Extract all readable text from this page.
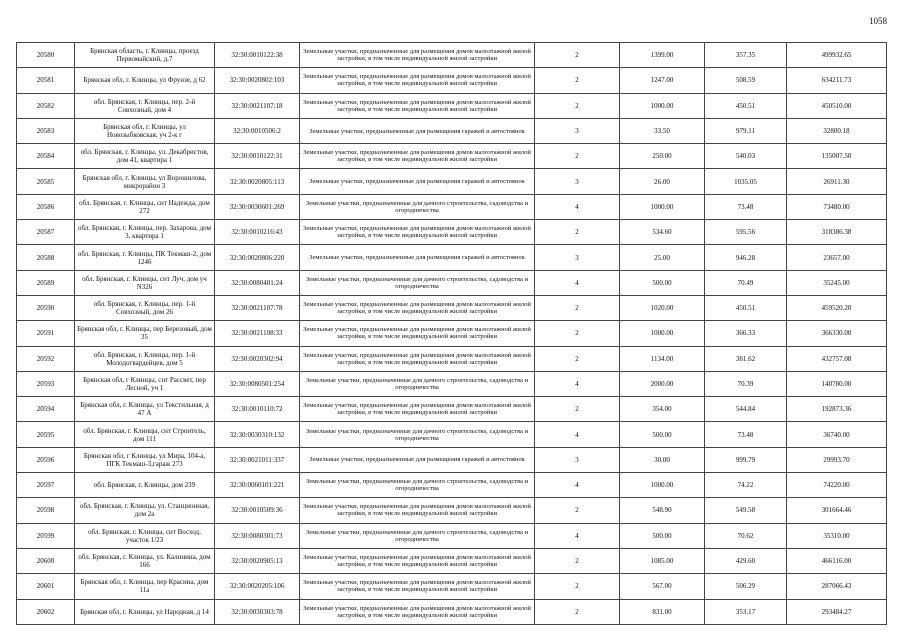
1058
20580	Брянская область, г. Клинцы, проезд Первомайский, д.7	32:30:0010122:38	Земельные участки, предназначенные для размещения домов малоэтажной жилой застройки, в том числе индивидуальной жилой застройки	2	1399.00	357.35	499932.65
20581	Брянская обл, г. Клинцы, ул Фрунзе, д 62	32:30:0020802:103	Земельные участки, предназначенные для размещения домов малоэтажной жилой застройки, в том числе индивидуальной жилой застройки	2	1247.00	508.59	634211.73
20582	обл. Брянская, г. Клинцы, пер. 2-й Совхозный, дом 4	32:30:0021107:18	Земельные участки, предназначенные для размещения домов малоэтажной жилой застройки, в том числе индивидуальной жилой застройки	2	1000.00	450.51	450510.00
20583	Брянская обл, г. Клинцы, ул Новозыбковская, уч 2-к г	32:30:0010506:2	Земельные участки, предназначенные для размещения гаражей и автостоянок	3	33.50	979.11	32800.18
20584	обл. Брянская, г. Клинцы, ул. Декабристов, дом 41, квартира 1	32:30:0010122:31	Земельные участки, предназначенные для размещения домов малоэтажной жилой застройки, в том числе индивидуальной жилой застройки	2	250.00	540.03	135007.50
20585	Брянская обл, г. Клинцы, ул Ворошилова, микрорайон 3	32:30:0020805:113	Земельные участки, предназначенные для размещения гаражей и автостоянок	3	26.00	1035.05	26911.30
20586	обл. Брянская, г. Клинцы, снт Надежда, дом 272	32:30:0030601:269	Земельные участки, предназначенные для дачного строительства, садоводства и огородничества	4	1000.00	73.48	73480.00
20587	обл. Брянская, г. Клинцы, пер. Захарова, дом 3, квартира 1	32:30:0010216:43	Земельные участки, предназначенные для размещения домов малоэтажной жилой застройки, в том числе индивидуальной жилой застройки	2	534.60	595.56	318386.38
20588	обл. Брянская, г. Клинцы, ПК Текмаш-2, дом 1246	32:30:0020806:220	Земельные участки, предназначенные для размещения гаражей и автостоянок	3	25.00	946.28	23657.00
20589	обл. Брянская, г. Клинцы, снт Луч, дом уч N326	32:30:0080401:24	Земельные участки, предназначенные для дачного строительства, садоводства и огородничества	4	500.00	70.49	35245.00
20590	обл. Брянская, г. Клинцы, пер. 1-й Совхозный, дом 26	32:30:0021107:78	Земельные участки, предназначенные для размещения домов малоэтажной жилой застройки, в том числе индивидуальной жилой застройки	2	1020.00	450.51	459520.20
20591	Брянская обл, г. Клинцы, пер Березовый, дом 35	32:30:0021108:33	Земельные участки, предназначенные для размещения домов малоэтажной жилой застройки, в том числе индивидуальной жилой застройки	2	1000.00	366.33	366330.00
20592	обл. Брянская, г. Клинцы, пер. 1-й Молодогвардейцев, дом 5	32:30:0020302:94	Земельные участки, предназначенные для размещения домов малоэтажной жилой застройки, в том числе индивидуальной жилой застройки	2	1134.00	381.62	432757.08
20593	Брянская обл, г Клинцы, снт Рассвет, пер Лесной, уч 1	32:30:0080501:254	Земельные участки, предназначенные для дачного строительства, садоводства и огородничества	4	2000.00	70.39	140780.00
20594	Брянская обл, г. Клинцы, ул Текстильная, д 47 А	32:30:0010110:72	Земельные участки, предназначенные для размещения домов малоэтажной жилой застройки, в том числе индивидуальной жилой застройки	2	354.00	544.84	192873.36
20595	обл. Брянская, г. Клинцы, снт Строитель, дом 111	32:30:0030310:132	Земельные участки, предназначенные для дачного строительства, садоводства и огородничества	4	500.00	73.48	36740.00
20596	Брянская обл, г Клинцы, ул Мира, 104-а, ПГК Текмаш-3,гараж 273	32:30:0021011:337	Земельные участки, предназначенные для размещения гаражей и автостоянок	3	30.00	999.79	29993.70
20597	обл. Брянская, г. Клинцы, дом 239	32:30:0060101:221	Земельные участки, предназначенные для дачного строительства, садоводства и огородничества	4	1000.00	74.22	74220.00
20598	обл. Брянская, г. Клинцы, ул. Станционная, дом 2а	32:30:0010509:36	Земельные участки, предназначенные для размещения домов малоэтажной жилой застройки, в том числе индивидуальной жилой застройки	2	548.90	549.58	301664.46
20599	обл. Брянская, г. Клинцы, снт Восход, участок 1/23	32:30:0080301:73	Земельные участки, предназначенные для дачного строительства, садоводства и огородничества	4	500.00	70.62	35310.00
20600	обл. Брянская, г. Клинцы, ул. Калинина, дом 166	32:30:0020905:13	Земельные участки, предназначенные для размещения домов малоэтажной жилой застройки, в том числе индивидуальной жилой застройки	2	1085.00	429.60	466116.00
20601	Брянская обл, г. Клинцы, пер Красина, дом 11а	32:30:0020205:106	Земельные участки, предназначенные для размещения домов малоэтажной жилой застройки, в том числе индивидуальной жилой застройки	2	567.00	506.29	287066.43
20602	Брянская обл, г. Клинцы, ул Народная, д 14	32:30:0030303:78	Земельные участки, предназначенные для размещения домов малоэтажной жилой застройки, в том числе индивидуальной жилой застройки	2	831.00	353.17	293484.27
